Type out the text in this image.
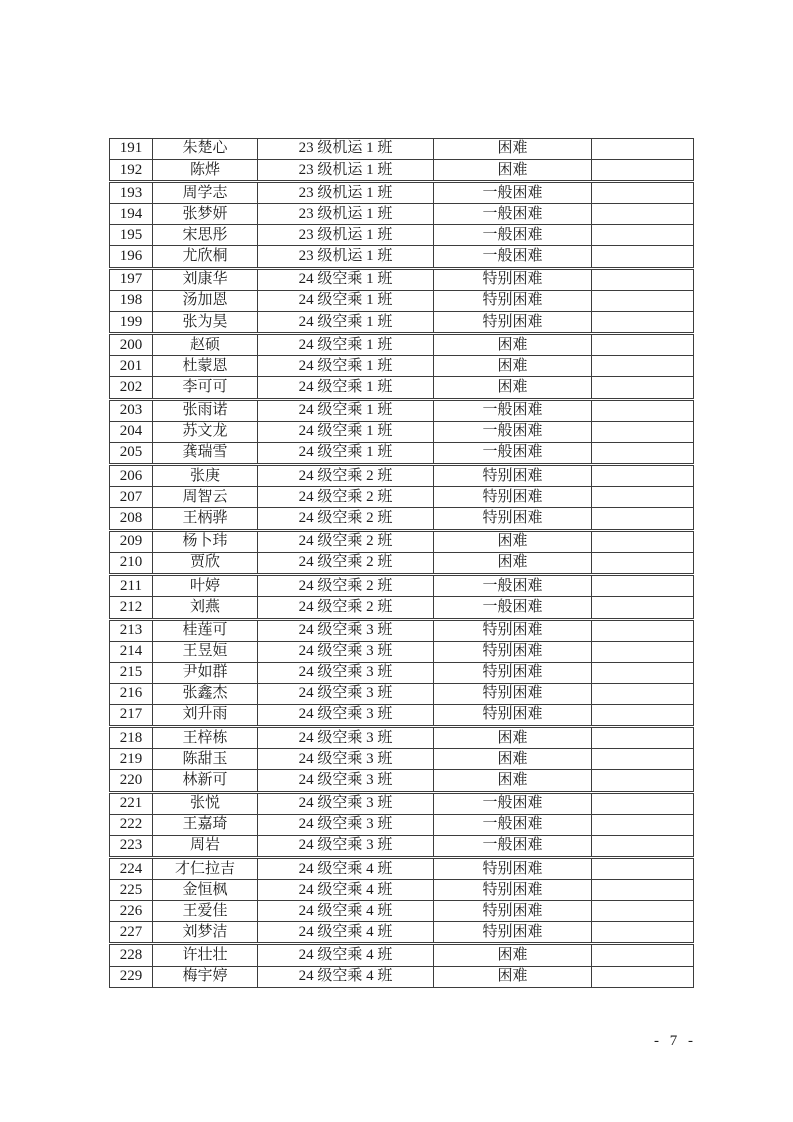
191	朱楚心	23 级机运 1 班	困难	
192	陈烨	23 级机运 1 班	困难	
193	周学志	23 级机运 1 班	一般困难	
194	张梦妍	23 级机运 1 班	一般困难	
195	宋思彤	23 级机运 1 班	一般困难	
196	尤欣桐	23 级机运 1 班	一般困难	
197	刘康华	24 级空乘 1 班	特别困难	
198	汤加恩	24 级空乘 1 班	特别困难	
199	张为昊	24 级空乘 1 班	特别困难	
200	赵硕	24 级空乘 1 班	困难	
201	杜蒙恩	24 级空乘 1 班	困难	
202	李可可	24 级空乘 1 班	困难	
203	张雨诺	24 级空乘 1 班	一般困难	
204	苏文龙	24 级空乘 1 班	一般困难	
205	龚瑞雪	24 级空乘 1 班	一般困难	
206	张庚	24 级空乘 2 班	特别困难	
207	周智云	24 级空乘 2 班	特别困难	
208	王柄骅	24 级空乘 2 班	特别困难	
209	杨卜玮	24 级空乘 2 班	困难	
210	贾欣	24 级空乘 2 班	困难	
211	叶婷	24 级空乘 2 班	一般困难	
212	刘燕	24 级空乘 2 班	一般困难	
213	桂莲可	24 级空乘 3 班	特别困难	
214	王昱姮	24 级空乘 3 班	特别困难	
215	尹如群	24 级空乘 3 班	特别困难	
216	张鑫杰	24 级空乘 3 班	特别困难	
217	刘升雨	24 级空乘 3 班	特别困难	
218	王梓栋	24 级空乘 3 班	困难	
219	陈甜玉	24 级空乘 3 班	困难	
220	林新可	24 级空乘 3 班	困难	
221	张悦	24 级空乘 3 班	一般困难	
222	王嘉琦	24 级空乘 3 班	一般困难	
223	周岩	24 级空乘 3 班	一般困难	
224	才仁拉吉	24 级空乘 4 班	特别困难	
225	金恒枫	24 级空乘 4 班	特别困难	
226	王爱佳	24 级空乘 4 班	特别困难	
227	刘梦洁	24 级空乘 4 班	特别困难	
228	许壮壮	24 级空乘 4 班	困难	
229	梅宇婷	24 级空乘 4 班	困难	
- 7 -
